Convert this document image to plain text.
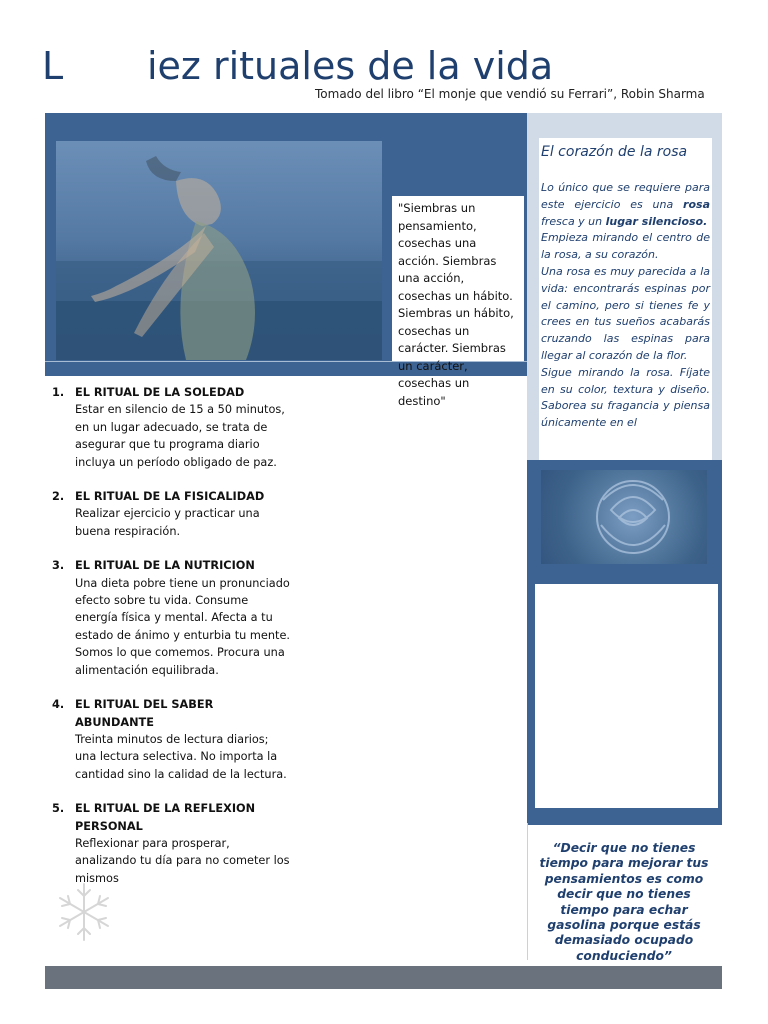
L iez rituales de la vida
Tomado del libro “El monje que vendió su Ferrari”, Robin Sharma
"Siembras un pensamiento, cosechas una acción. Siembras una acción, cosechas un hábito. Siembras un hábito, cosechas un carácter. Siembras un carácter, cosechas un destino"
El corazón de la rosa
Lo único que se requiere para este ejercicio es una rosa fresca y un lugar silencioso.
Empieza mirando el centro de la rosa, a su corazón.
Una rosa es muy parecida a la vida: encontrarás espinas por el camino, pero si tienes fe y crees en tus sueños acabarás cruzando las espinas para llegar al corazón de la flor.
Sigue mirando la rosa. Fíjate en su color, textura y diseño. Saborea su fragancia y piensa únicamente en el
1. EL RITUAL DE LA SOLEDAD
Estar en silencio de 15 a 50 minutos, en un lugar adecuado, se trata de asegurar que tu programa diario incluya un período obligado de paz.
2. EL RITUAL DE LA FISICALIDAD
Realizar ejercicio y practicar una buena respiración.
3. EL RITUAL DE LA NUTRICION
Una dieta pobre tiene un pronunciado efecto sobre tu vida. Consume energía física y mental. Afecta a tu estado de ánimo y enturbia tu mente. Somos lo que comemos. Procura una alimentación equilibrada.
4. EL RITUAL DEL SABER ABUNDANTE
Treinta minutos de lectura diarios; una lectura selectiva. No importa la cantidad sino la calidad de la lectura.
5. EL RITUAL DE LA REFLEXION PERSONAL
Reflexionar para prosperar, analizando tu día para no cometer los mismos
“Decir que no tienes tiempo para mejorar tus pensamientos es como decir que no tienes tiempo para echar gasolina porque estás demasiado ocupado conduciendo”
